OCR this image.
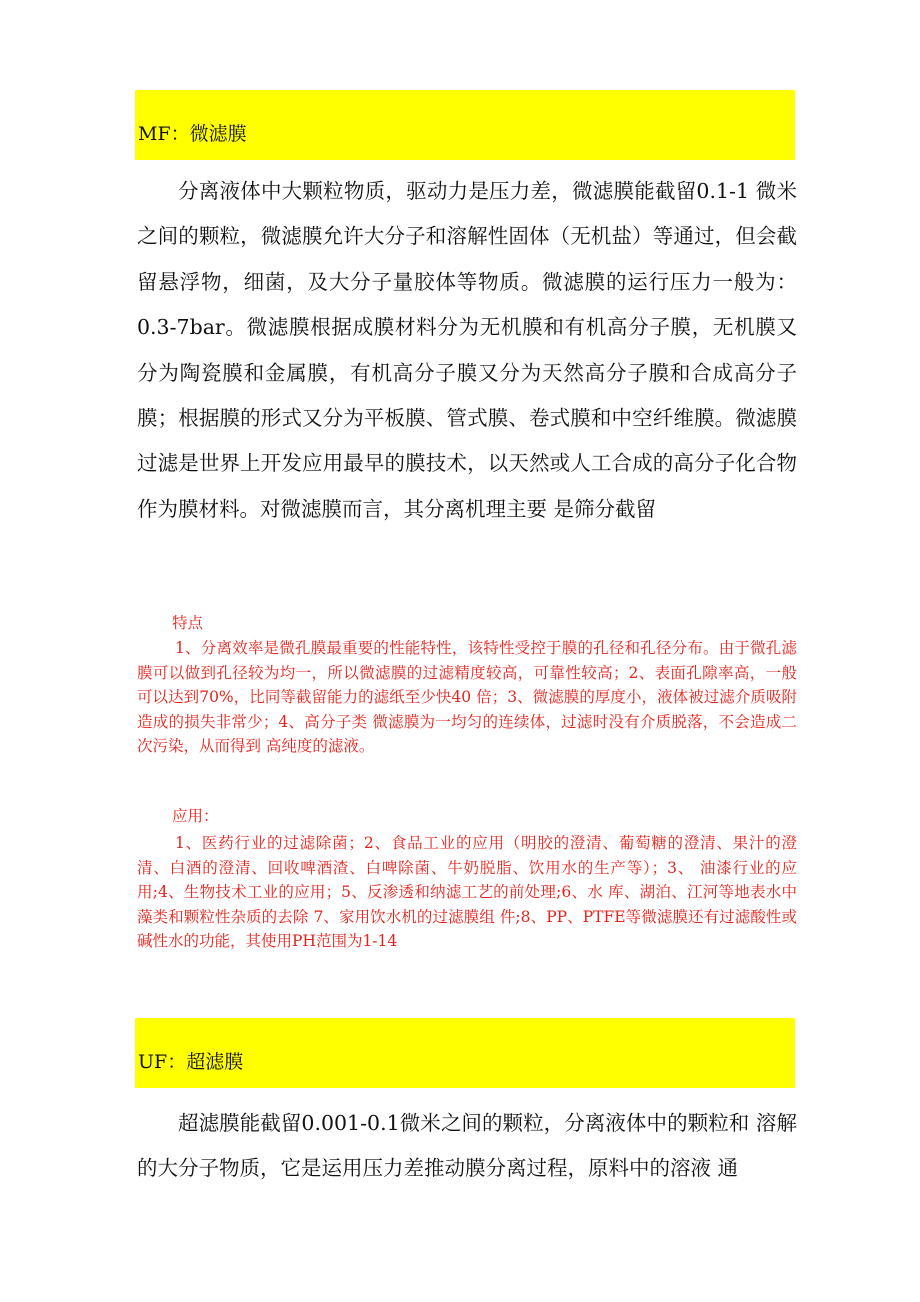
MF：微滤膜

分离液体中大颗粒物质，驱动力是压力差，微滤膜能截留0.1-1 微米之间的颗粒，微滤膜允许大分子和溶解性固体（无机盐）等通过，但会截留悬浮物，细菌，及大分子量胶体等物质。微滤膜的运行压力一般为：0.3-7bar。微滤膜根据成膜材料分为无机膜和有机高分子膜，无机膜又分为陶瓷膜和金属膜，有机高分子膜又分为天然高分子膜和合成高分子膜；根据膜的形式又分为平板膜、管式膜、卷式膜和中空纤维膜。微滤膜过滤是世界上开发应用最早的膜技术，以天然或人工合成的高分子化合物作为膜材料。对微滤膜而言，其分离机理主要 是筛分截留

特点

1、分离效率是微孔膜最重要的性能特性，该特性受控于膜的孔径和孔径分布。由于微孔滤膜可以做到孔径较为均一，所以微滤膜的过滤精度较高，可靠性较高；2、表面孔隙率高，一般可以达到70%，比同等截留能力的滤纸至少快40 倍；3、微滤膜的厚度小，液体被过滤介质吸附造成的损失非常少；4、高分子类 微滤膜为一均匀的连续体，过滤时没有介质脱落，不会造成二次污染，从而得到 高纯度的滤液。

应用：

1、医药行业的过滤除菌；2、食品工业的应用（明胶的澄清、葡萄糖的澄清、果汁的澄清、白酒的澄清、回收啤酒渣、白啤除菌、牛奶脱脂、饮用水的生产等）；3、 油漆行业的应用;4、生物技术工业的应用；5、反渗透和纳滤工艺的前处理;6、水 库、湖泊、江河等地表水中藻类和颗粒性杂质的去除 7、家用饮水机的过滤膜组 件;8、PP、PTFE等微滤膜还有过滤酸性或碱性水的功能，其使用PH范围为1-14

UF：超滤膜

超滤膜能截留0.001-0.1微米之间的颗粒，分离液体中的颗粒和 溶解的大分子物质，它是运用压力差推动膜分离过程，原料中的溶液 通
